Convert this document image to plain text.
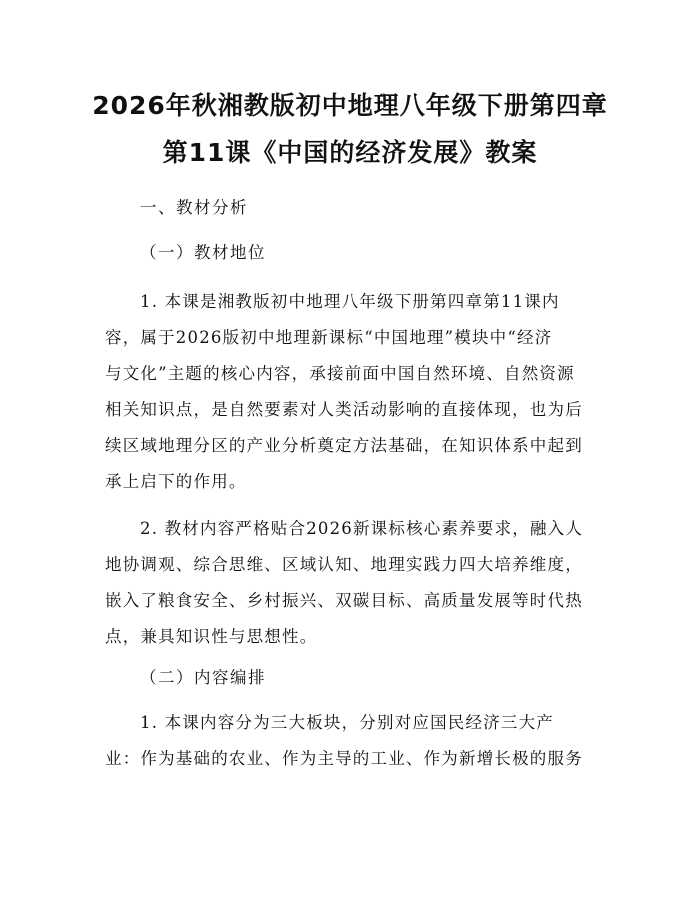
2026年秋湘教版初中地理八年级下册第四章
第11课《中国的经济发展》教案
一、教材分析
（一）教材地位
1. 本课是湘教版初中地理八年级下册第四章第11课内
容，属于2026版初中地理新课标“中国地理”模块中“经济
与文化”主题的核心内容，承接前面中国自然环境、自然资源
相关知识点，是自然要素对人类活动影响的直接体现，也为后
续区域地理分区的产业分析奠定方法基础，在知识体系中起到
承上启下的作用。
2. 教材内容严格贴合2026新课标核心素养要求，融入人
地协调观、综合思维、区域认知、地理实践力四大培养维度，
嵌入了粮食安全、乡村振兴、双碳目标、高质量发展等时代热
点，兼具知识性与思想性。
（二）内容编排
1. 本课内容分为三大板块，分别对应国民经济三大产
业：作为基础的农业、作为主导的工业、作为新增长极的服务
